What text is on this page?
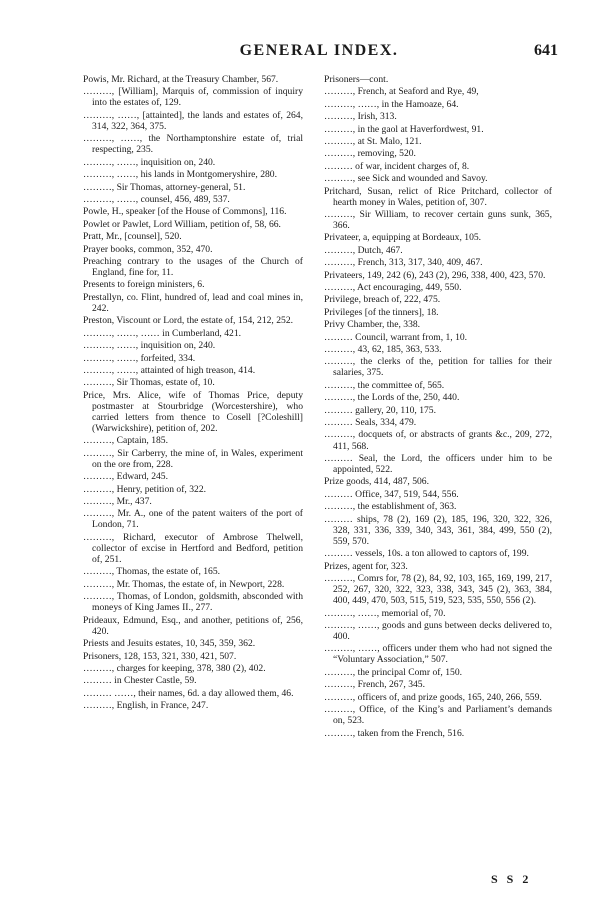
GENERAL INDEX.	641
Powis, Mr. Richard, at the Treasury Chamber, 567.
………, [William], Marquis of, commission of inquiry into the estates of, 129.
………, ……, [attainted], the lands and estates of, 264, 314, 322, 364, 375.
………, ……, the Northamptonshire estate of, trial respecting, 235.
………, ……, inquisition on, 240.
………, ……, his lands in Montgomeryshire, 280.
………, Sir Thomas, attorney-general, 51.
………, ……, counsel, 456, 489, 537.
Powle, H., speaker [of the House of Commons], 116.
Powlet or Pawlet, Lord William, petition of, 58, 66.
Pratt, Mr., [counsel], 520.
Prayer books, common, 352, 470.
Preaching contrary to the usages of the Church of England, fine for, 11.
Presents to foreign ministers, 6.
Prestallyn, co. Flint, hundred of, lead and coal mines in, 242.
Preston, Viscount or Lord, the estate of, 154, 212, 252.
………, ……, …… in Cumberland, 421.
………, ……, inquisition on, 240.
………, ……, forfeited, 334.
………, ……, attainted of high treason, 414.
………, Sir Thomas, estate of, 10.
Price, Mrs. Alice, wife of Thomas Price, deputy postmaster at Stourbridge (Worcestershire), who carried letters from thence to Cosell [?Coleshill] (Warwickshire), petition of, 202.
………, Captain, 185.
………, Sir Carberry, the mine of, in Wales, experiment on the ore from, 228.
………, Edward, 245.
………, Henry, petition of, 322.
………, Mr., 437.
………, Mr. A., one of the patent waiters of the port of London, 71.
………, Richard, executor of Ambrose Thelwell, collector of excise in Hertford and Bedford, petition of, 251.
………, Thomas, the estate of, 165.
………, Mr. Thomas, the estate of, in Newport, 228.
………, Thomas, of London, goldsmith, absconded with moneys of King James II., 277.
Prideaux, Edmund, Esq., and another, petitions of, 256, 420.
Priests and Jesuits estates, 10, 345, 359, 362.
Prisoners, 128, 153, 321, 330, 421, 507.
………, charges for keeping, 378, 380 (2), 402.
……… in Chester Castle, 59.
……… ……, their names, 6d. a day allowed them, 46.
………, English, in France, 247.
Prisoners—cont.
………, French, at Seaford and Rye, 49,
………, ……, in the Hamoaze, 64.
………, Irish, 313.
………, in the gaol at Haverfordwest, 91.
………, at St. Malo, 121.
………, removing, 520.
……… of war, incident charges of, 8.
………, see Sick and wounded and Savoy.
Pritchard, Susan, relict of Rice Pritchard, collector of hearth money in Wales, petition of, 307.
………, Sir William, to recover certain guns sunk, 365, 366.
Privateer, a, equipping at Bordeaux, 105.
………, Dutch, 467.
………, French, 313, 317, 340, 409, 467.
Privateers, 149, 242 (6), 243 (2), 296, 338, 400, 423, 570.
………, Act encouraging, 449, 550.
Privilege, breach of, 222, 475.
Privileges [of the tinners], 18.
Privy Chamber, the, 338.
……… Council, warrant from, 1, 10.
………, 43, 62, 185, 363, 533.
………, the clerks of the, petition for tallies for their salaries, 375.
………, the committee of, 565.
………, the Lords of the, 250, 440.
……… gallery, 20, 110, 175.
……… Seals, 334, 479.
………, docquets of, or abstracts of grants &c., 209, 272, 411, 568.
……… Seal, the Lord, the officers under him to be appointed, 522.
Prize goods, 414, 487, 506.
……… Office, 347, 519, 544, 556.
………, the establishment of, 363.
……… ships, 78 (2), 169 (2), 185, 196, 320, 322, 326, 328, 331, 336, 339, 340, 343, 361, 384, 499, 550 (2), 559, 570.
……… vessels, 10s. a ton allowed to captors of, 199.
Prizes, agent for, 323.
………, Comrs for, 78 (2), 84, 92, 103, 165, 169, 199, 217, 252, 267, 320, 322, 323, 338, 343, 345 (2), 363, 384, 400, 449, 470, 503, 515, 519, 523, 535, 550, 556 (2).
………, ……, memorial of, 70.
………, ……, goods and guns between decks delivered to, 400.
………, ……, officers under them who had not signed the “Voluntary Association,” 507.
………, the principal Comr of, 150.
………, French, 267, 345.
………, officers of, and prize goods, 165, 240, 266, 559.
………, Office, of the King’s and Parliament’s demands on, 523.
………, taken from the French, 516.
S S 2
